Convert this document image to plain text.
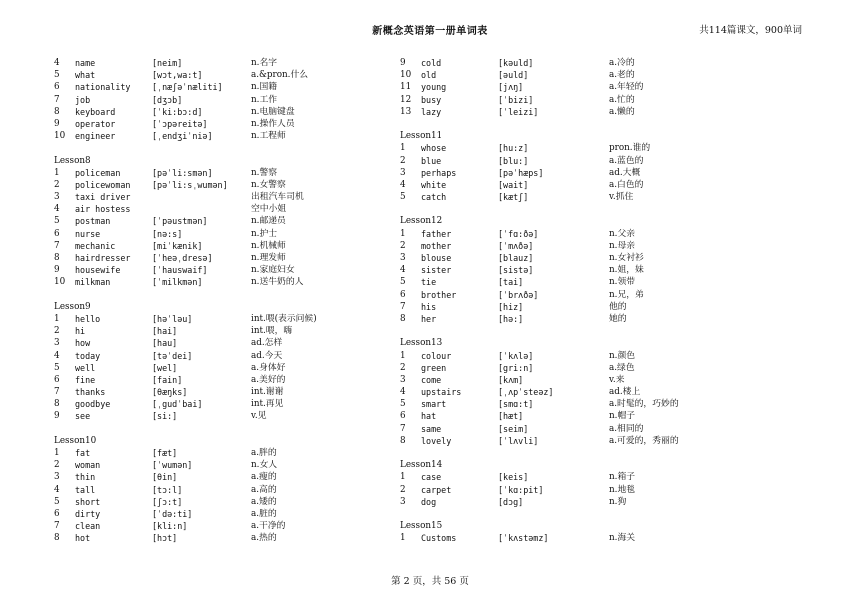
新概念英语第一册单词表	共114篇课文，900单词
4 name	[neim]	n.名字
5 what	[wɔt,wa:t]	a.&pron.什么
6 nationality	[ˌnæʃəˈnæliti]	n.国籍
7 job	[dʒɔb]	n.工作
8 keyboard	[ˈki:bɔ:d]	n.电脑键盘
9 operator	[ˈɔpəreitə]	n.操作人员
10 engineer	[ˌendʒiˈniə]	n.工程师
Lesson8
1 policeman	[pəˈli:smən]	n.警察
2 policewoman	[pəˈli:sˌwumən]	n.女警察
3 taxi driver	出租汽车司机
4 air hostess	空中小姐
5 postman	[ˈpəustmən]	n.邮递员
6 nurse	[nə:s]	n.护士
7 mechanic	[miˈkænik]	n.机械师
8 hairdresser	[ˈheəˌdresə]	n.理发师
9 housewife	[ˈhauswaif]	n.家庭妇女
10 milkman	[ˈmilkmən]	n.送牛奶的人
Lesson9
1 hello	[həˈləu]	int.喂(表示问候)
2 hi	[hai]	int.喂，嗨
3 how	[hau]	ad.怎样
4 today	[təˈdei]	ad.今天
5 well	[wel]	a.身体好
6 fine	[fain]	a.美好的
7 thanks	[θæŋks]	int.谢谢
8 goodbye	[ˌgudˈbai]	int.再见
9 see	[si:]	v.见
Lesson10
1 fat	[fæt]	a.胖的
2 woman	[ˈwumən]	n.女人
3 thin	[θin]	a.瘦的
4 tall	[tɔ:l]	a.高的
5 short	[ʃɔ:t]	a.矮的
6 dirty	[ˈdə:ti]	a.脏的
7 clean	[kli:n]	a.干净的
8 hot	[hɔt]	a.热的
9 cold	[kəuld]	a.冷的
10 old	[əuld]	a.老的
11 young	[jʌŋ]	a.年轻的
12 busy	[ˈbizi]	a.忙的
13 lazy	[ˈleizi]	a.懒的
Lesson11
1 whose	[hu:z]	pron.谁的
2 blue	[blu:]	a.蓝色的
3 perhaps	[pəˈhæps]	ad.大概
4 white	[wait]	a.白色的
5 catch	[kætʃ]	v.抓住
Lesson12
1 father	[ˈfɑ:ðə]	n.父亲
2 mother	[ˈmʌðə]	n.母亲
3 blouse	[blauz]	n.女衬衫
4 sister	[sistə]	n.姐，妹
5 tie	[tai]	n.领带
6 brother	[ˈbrʌðə]	n.兄，弟
7 his	[hiz]	他的
8 her	[hə:]	她的
Lesson13
1 colour	[ˈkʌlə]	n.颜色
2 green	[gri:n]	a.绿色
3 come	[kʌm]	v.来
4 upstairs	[ˌʌpˈsteəz]	ad.楼上
5 smart	[smɑ:t]	a.时髦的，巧妙的
6 hat	[hæt]	n.帽子
7 same	[seim]	a.相同的
8 lovely	[ˈlʌvli]	a.可爱的，秀丽的
Lesson14
1 case	[keis]	n.箱子
2 carpet	[ˈkɑ:pit]	n.地毯
3 dog	[dɔg]	n.狗
Lesson15
1 Customs	[ˈkʌstəmz]	n.海关
第 2 页，共 56 页
